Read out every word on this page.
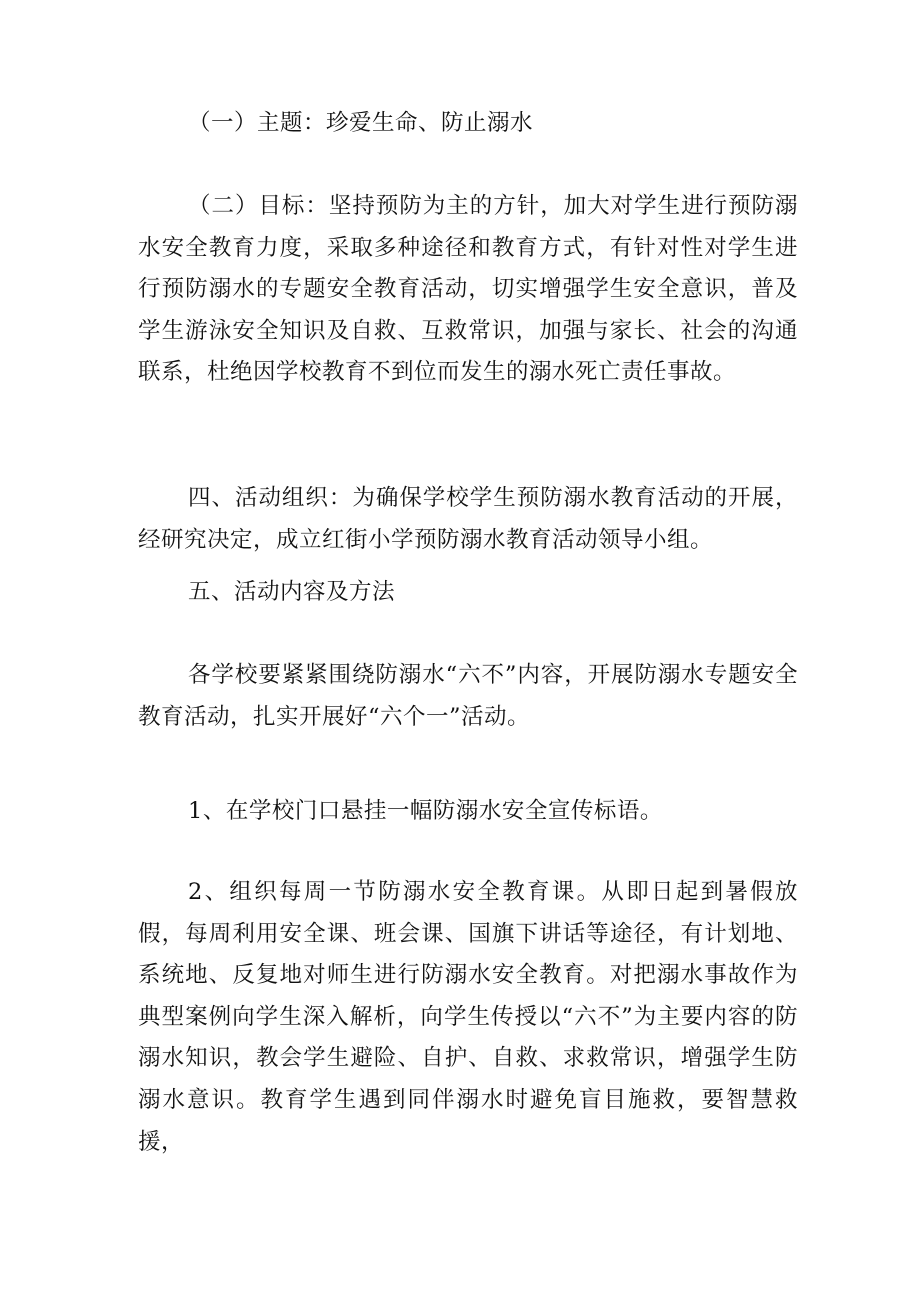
（一）主题：珍爱生命、防止溺水

（二）目标：坚持预防为主的方针，加大对学生进行预防溺水安全教育力度，采取多种途径和教育方式，有针对性对学生进行预防溺水的专题安全教育活动，切实增强学生安全意识，普及学生游泳安全知识及自救、互救常识，加强与家长、社会的沟通联系，杜绝因学校教育不到位而发生的溺水死亡责任事故。

四、活动组织：为确保学校学生预防溺水教育活动的开展，经研究决定，成立红街小学预防溺水教育活动领导小组。

五、活动内容及方法

各学校要紧紧围绕防溺水“六不”内容，开展防溺水专题安全教育活动，扎实开展好“六个一”活动。

1、在学校门口悬挂一幅防溺水安全宣传标语。

2、组织每周一节防溺水安全教育课。从即日起到暑假放假，每周利用安全课、班会课、国旗下讲话等途径，有计划地、系统地、反复地对师生进行防溺水安全教育。对把溺水事故作为典型案例向学生深入解析，向学生传授以“六不”为主要内容的防溺水知识，教会学生避险、自护、自救、求救常识，增强学生防溺水意识。教育学生遇到同伴溺水时避免盲目施救，要智慧救援，
